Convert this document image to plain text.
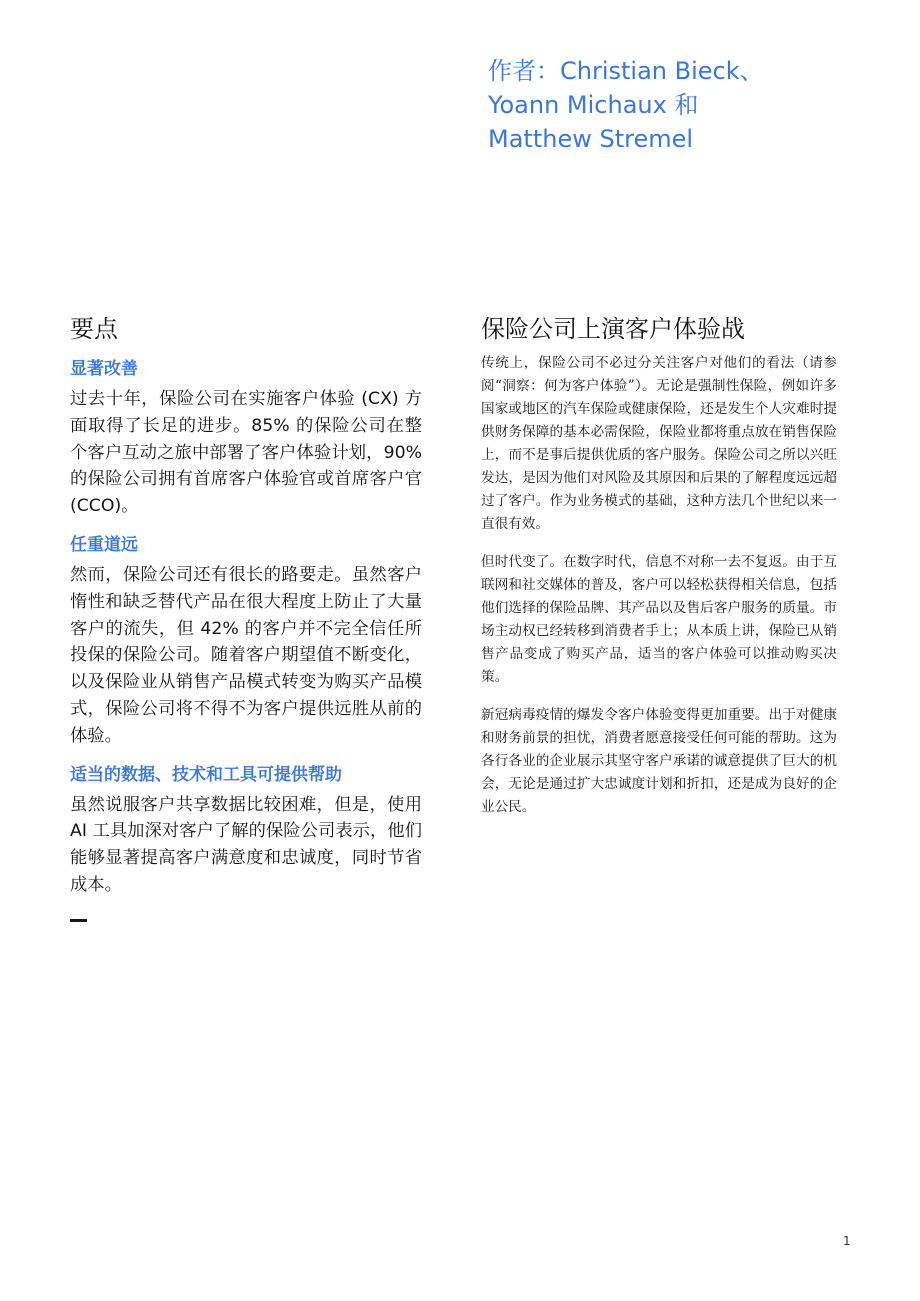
作者：Christian Bieck、
Yoann Michaux 和
Matthew Stremel
要点
显著改善

过去十年，保险公司在实施客户体验 (CX) 方面取得了长足的进步。85% 的保险公司在整个客户互动之旅中部署了客户体验计划，90% 的保险公司拥有首席客户体验官或首席客户官 (CCO)。

任重道远

然而，保险公司还有很长的路要走。虽然客户惰性和缺乏替代产品在很大程度上防止了大量客户的流失，但 42% 的客户并不完全信任所投保的保险公司。随着客户期望值不断变化，以及保险业从销售产品模式转变为购买产品模式，保险公司将不得不为客户提供远胜从前的体验。

适当的数据、技术和工具可提供帮助

虽然说服客户共享数据比较困难，但是，使用 AI 工具加深对客户了解的保险公司表示，他们能够显著提高客户满意度和忠诚度，同时节省成本。

保险公司上演客户体验战

传统上，保险公司不必过分关注客户对他们的看法（请参阅“洞察：何为客户体验”）。无论是强制性保险，例如许多国家或地区的汽车保险或健康保险，还是发生个人灾难时提供财务保障的基本必需保险，保险业都将重点放在销售保险上，而不是事后提供优质的客户服务。保险公司之所以兴旺发达，是因为他们对风险及其原因和后果的了解程度远远超过了客户。作为业务模式的基础，这种方法几个世纪以来一直很有效。

但时代变了。在数字时代，信息不对称一去不复返。由于互联网和社交媒体的普及，客户可以轻松获得相关信息，包括他们选择的保险品牌、其产品以及售后客户服务的质量。市场主动权已经转移到消费者手上；从本质上讲，保险已从销售产品变成了购买产品，适当的客户体验可以推动购买决策。

新冠病毒疫情的爆发令客户体验变得更加重要。出于对健康和财务前景的担忧，消费者愿意接受任何可能的帮助。这为各行各业的企业展示其坚守客户承诺的诚意提供了巨大的机会，无论是通过扩大忠诚度计划和折扣，还是成为良好的企业公民。

1
